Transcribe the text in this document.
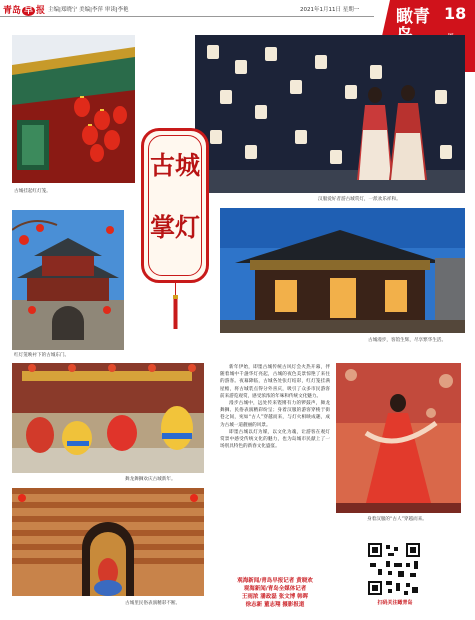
青岛 早 报 主编|郑晓宁 美编|李萍 审读|李艳	2021年1月11日 星期一 瞰青 18
古城挂起红灯笼。
汉服爱好者游古城赏灯，一派欢乐祥和。
古城
掌灯
红灯笼映衬下的古城东门。
古城漫步，客馆生辉，尽享繁华生活。
舞龙舞狮欢庆古城新年。
身着汉服的“古人”穿越而来。
古城里民俗表演精彩不断。

新年伊始，即墨古城传统古风灯会火热开幕，伴随着城中千盏华灯亮起，古城的夜色美景惊艳了来往的游客。夜幕降临，古城各处张灯结彩，红灯笼挂满屋檐，将古城装点得分外喜庆，吸引了众多市民游客前来游览观赏，感受浓浓的年味和传统文化魅力。

漫步古城中，远处传来铿锵有力的锣鼓声，舞龙舞狮、民俗表演精彩纷呈；身着汉服的游客穿梭于街巷之间，宛如“古人”穿越而来，与灯火相映成趣，成为古城一道靓丽的风景。

即墨古城以灯为媒，以文化为魂，让游客在观灯赏景中感受传统文化的魅力，也为岛城市民献上了一场别具特色的新春文化盛宴。

观海新闻/青岛早报记者 黄晓欢
观海新闻/青岛全媒体记者
王雨浓 潘政磊 张文博 韩晖
徐志新 董志翔 摄影报道	扫码关注瞰青岛
